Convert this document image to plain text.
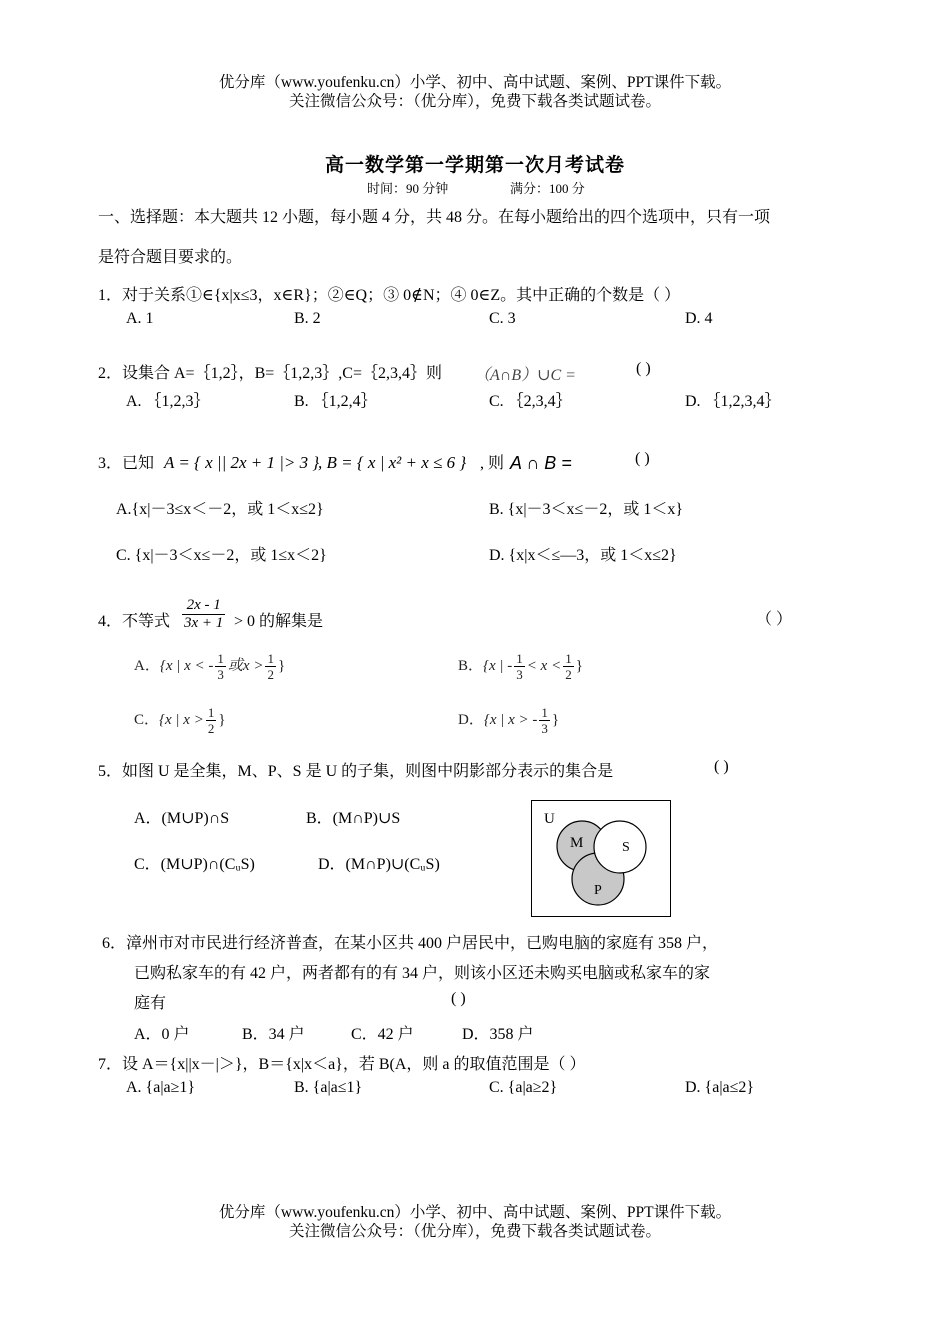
优分库（www.youfenku.cn）小学、初中、高中试题、案例、PPT课件下载。
关注微信公众号：（优分库），免费下载各类试题试卷。
高一数学第一学期第一次月考试卷
时间：90 分钟	满分：100 分
一、选择题：本大题共 12 小题，每小题 4 分，共 48 分。在每小题给出的四个选项中，只有一项
是符合题目要求的。
1．对于关系①∈{x|x≤3，x∈R}；②∈Q；③ 0∉N；④ 0∈Z。其中正确的个数是（ ）
A. 1	B. 2	C. 3	D. 4
2．设集合 A=｛1,2｝，B=｛1,2,3｝,C=｛2,3,4｝则 （A∩B）∪C =	( )
A. ｛1,2,3｝	B. ｛1,2,4｝	C. ｛2,3,4｝	D. ｛1,2,3,4｝
3．已知 A = { x || 2x + 1 |> 3 }
, B = { x | x² + x ≤ 6 } , 则 A ∩ B =	( )
A.{x|－3≤x＜－2，或 1＜x≤2}	B. {x|－3＜x≤－2，或 1＜x}
C. {x|－3＜x≤－2，或 1≤x＜2}	D. {x|x＜≤—3，或 1＜x≤2}
4．不等式 $\frac{2x - 1}{3x + 1} > 0$ 的解集是	（ ）
A．{x | x < - $\frac{1}{3}$ 或$x > \frac{1}{2}$ }	B．{x | - $\frac{1}{3} < x < \frac{1}{2}$ }
C．{x | $x > \frac{1}{2}$ }	D．{x | x > - $\frac{1}{3}$ }
5．如图 U 是全集，M、P、S 是 U 的子集，则图中阴影部分表示的集合是	( )
A．(M∪P)∩S	B．(M∩P)∪S
C．(M∪P)∩(CᵤS)	D．(M∩P)∪(CᵤS)
U
M	S
P
6．漳州市对市民进行经济普查，在某小区共 400 户居民中，已购电脑的家庭有 358 户，
已购私家车的有 42 户，两者都有的有 34 户，则该小区还未购买电脑或私家车的家
庭有	( )
A．0 户	B．34 户	C．42 户	D．358 户
7．设 A＝{x||x－|＞}，B＝{x|x＜a}，若 B(A，则 a 的取值范围是（ ）
A. {a|a≥1}	B. {a|a≤1}	C. {a|a≥2}	D. {a|a≤2}
优分库（www.youfenku.cn）小学、初中、高中试题、案例、PPT课件下载。
关注微信公众号：（优分库），免费下载各类试题试卷。
